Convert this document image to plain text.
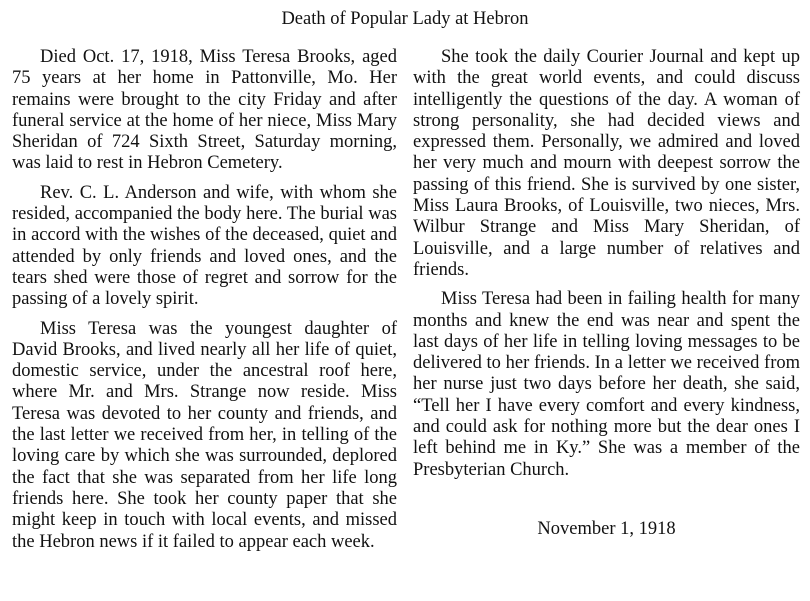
Death of Popular Lady at Hebron

Died Oct. 17, 1918, Miss Teresa Brooks, aged 75 years at her home in Pattonville, Mo. Her remains were brought to the city Friday and after funeral service at the home of her niece, Miss Mary Sheridan of 724 Sixth Street, Saturday morning, was laid to rest in Hebron Cemetery.

Rev. C. L. Anderson and wife, with whom she resided, accompanied the body here. The burial was in accord with the wishes of the deceased, quiet and attended by only friends and loved ones, and the tears shed were those of regret and sorrow for the passing of a lovely spirit.

Miss Teresa was the youngest daughter of David Brooks, and lived nearly all her life of quiet, domestic service, under the ancestral roof here, where Mr. and Mrs. Strange now reside. Miss Teresa was devoted to her county and friends, and the last letter we received from her, in telling of the loving care by which she was surrounded, deplored the fact that she was separated from her life long friends here. She took her county paper that she might keep in touch with local events, and missed the Hebron news if it failed to appear each week.

She took the daily Courier Journal and kept up with the great world events, and could discuss intelligently the questions of the day. A woman of strong personality, she had decided views and expressed them. Personally, we admired and loved her very much and mourn with deepest sorrow the passing of this friend. She is survived by one sister, Miss Laura Brooks, of Louisville, two nieces, Mrs. Wilbur Strange and Miss Mary Sheridan, of Louisville, and a large number of relatives and friends.

Miss Teresa had been in failing health for many months and knew the end was near and spent the last days of her life in telling loving messages to be delivered to her friends. In a letter we received from her nurse just two days before her death, she said, “Tell her I have every comfort and every kindness, and could ask for nothing more but the dear ones I left behind me in Ky.” She was a member of the Presbyterian Church.

November 1, 1918
